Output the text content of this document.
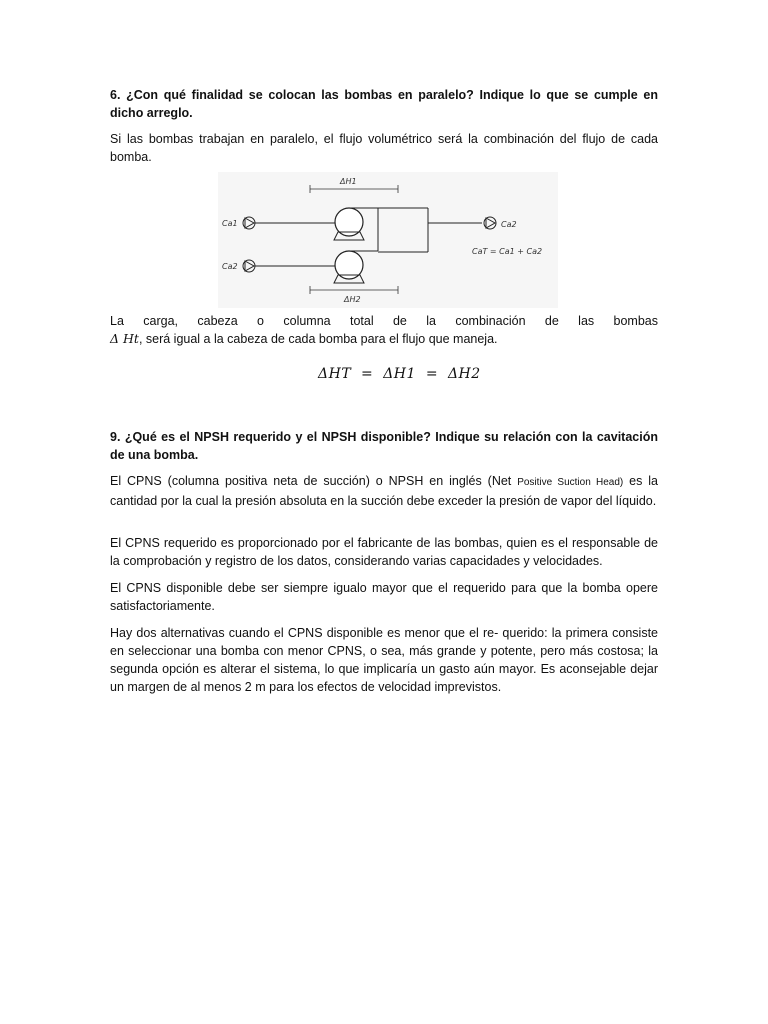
6. ¿Con qué finalidad se colocan las bombas en paralelo? Indique lo que se cumple en dicho arreglo.
Si las bombas trabajan en paralelo, el flujo volumétrico será la combinación del flujo de cada bomba.
ΔH1
Ca1
Ca2
Ca2
CaT = Ca1 + Ca2
ΔH2
La carga, cabeza o columna total de la combinación de las bombas
Δ Ht, será igual a la cabeza de cada bomba para el flujo que maneja.
ΔHT  =  ΔH1  =  ΔH2
9. ¿Qué es el NPSH requerido y el NPSH disponible? Indique su relación con la cavitación de una bomba.
El CPNS (columna positiva neta de succión) o NPSH en inglés (Net Positive Suction Head) es la cantidad por la cual la presión absoluta en la succión debe exceder la presión de vapor del líquido.
El CPNS requerido es proporcionado por el fabricante de las bombas, quien es el responsable de la comprobación y registro de los datos, considerando varias capacidades y velocidades.
El CPNS disponible debe ser siempre igualo mayor que el requerido para que la bomba opere satisfactoriamente.
Hay dos alternativas cuando el CPNS disponible es menor que el re- querido: la primera consiste en seleccionar una bomba con menor CPNS, o sea, más grande y potente, pero más costosa; la segunda opción es alterar el sistema, lo que implicaría un gasto aún mayor. Es aconsejable dejar un margen de al menos 2 m para los efectos de velocidad imprevistos.
